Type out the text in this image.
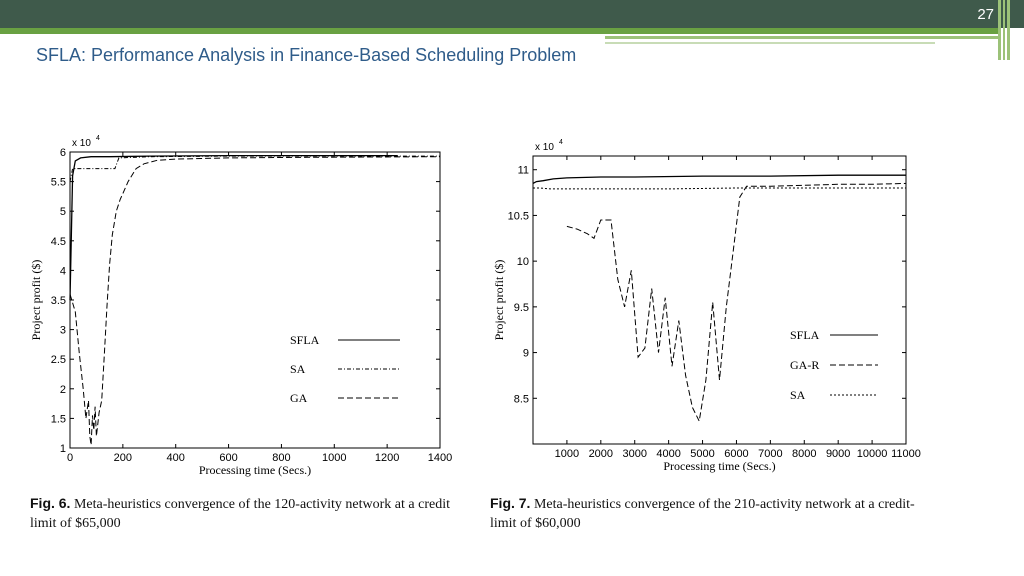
27
SFLA: Performance Analysis in Finance-Based Scheduling Problem
1
1.5
2
2.5
3
3.5
4
4.5
5
5.5
6
0	200	400	600	800	1000	1200	1400
x 10 4
Processing time (Secs.)
Project profit ($)	SFLA
SA
GA
Fig. 6. Meta-heuristics convergence of the 120-activity network at a credit limit of $65,000
8.5
9
9.5
10
10.5
11
1000 2000 3000 4000 5000 6000 7000 8000 9000 10000 11000
x 10 4
Processing time (Secs.)
Project profit ($)	SFLA
GA-R
SA
Fig. 7. Meta-heuristics convergence of the 210-activity network at a credit-limit of $60,000
